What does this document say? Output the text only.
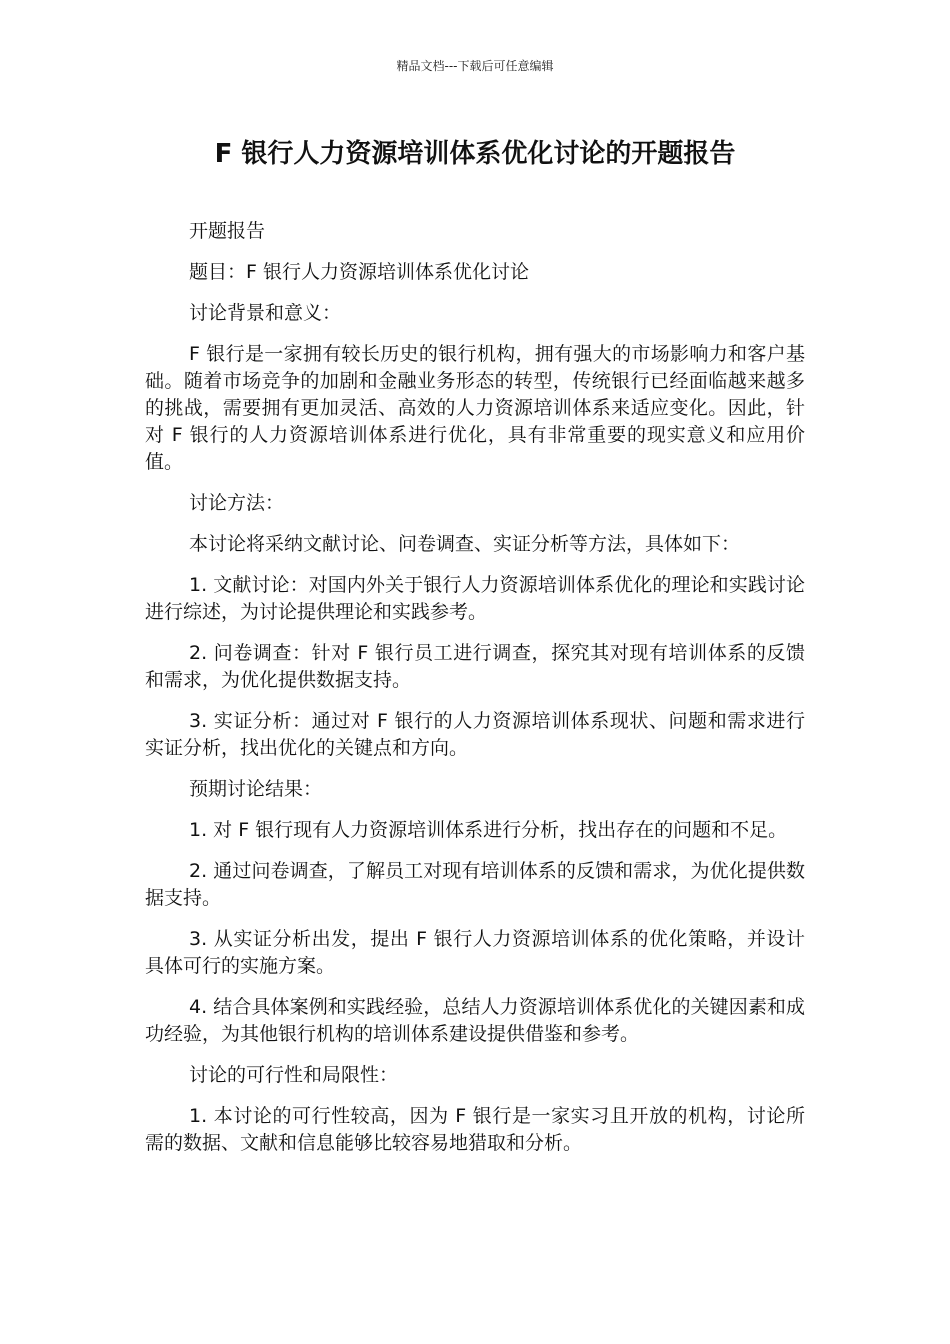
精品文档---下载后可任意编辑
F 银行人力资源培训体系优化讨论的开题报告

开题报告

题目：F 银行人力资源培训体系优化讨论

讨论背景和意义：

F 银行是一家拥有较长历史的银行机构，拥有强大的市场影响力和客户基础。随着市场竞争的加剧和金融业务形态的转型，传统银行已经面临越来越多的挑战，需要拥有更加灵活、高效的人力资源培训体系来适应变化。因此，针对 F 银行的人力资源培训体系进行优化，具有非常重要的现实意义和应用价值。

讨论方法：

本讨论将采纳文献讨论、问卷调查、实证分析等方法，具体如下：

1. 文献讨论：对国内外关于银行人力资源培训体系优化的理论和实践讨论进行综述，为讨论提供理论和实践参考。

2. 问卷调查：针对 F 银行员工进行调查，探究其对现有培训体系的反馈和需求，为优化提供数据支持。

3. 实证分析：通过对 F 银行的人力资源培训体系现状、问题和需求进行实证分析，找出优化的关键点和方向。

预期讨论结果：

1. 对 F 银行现有人力资源培训体系进行分析，找出存在的问题和不足。

2. 通过问卷调查，了解员工对现有培训体系的反馈和需求，为优化提供数据支持。

3. 从实证分析出发，提出 F 银行人力资源培训体系的优化策略，并设计具体可行的实施方案。

4. 结合具体案例和实践经验，总结人力资源培训体系优化的关键因素和成功经验，为其他银行机构的培训体系建设提供借鉴和参考。

讨论的可行性和局限性：

1. 本讨论的可行性较高，因为 F 银行是一家实习且开放的机构，讨论所需的数据、文献和信息能够比较容易地猎取和分析。
